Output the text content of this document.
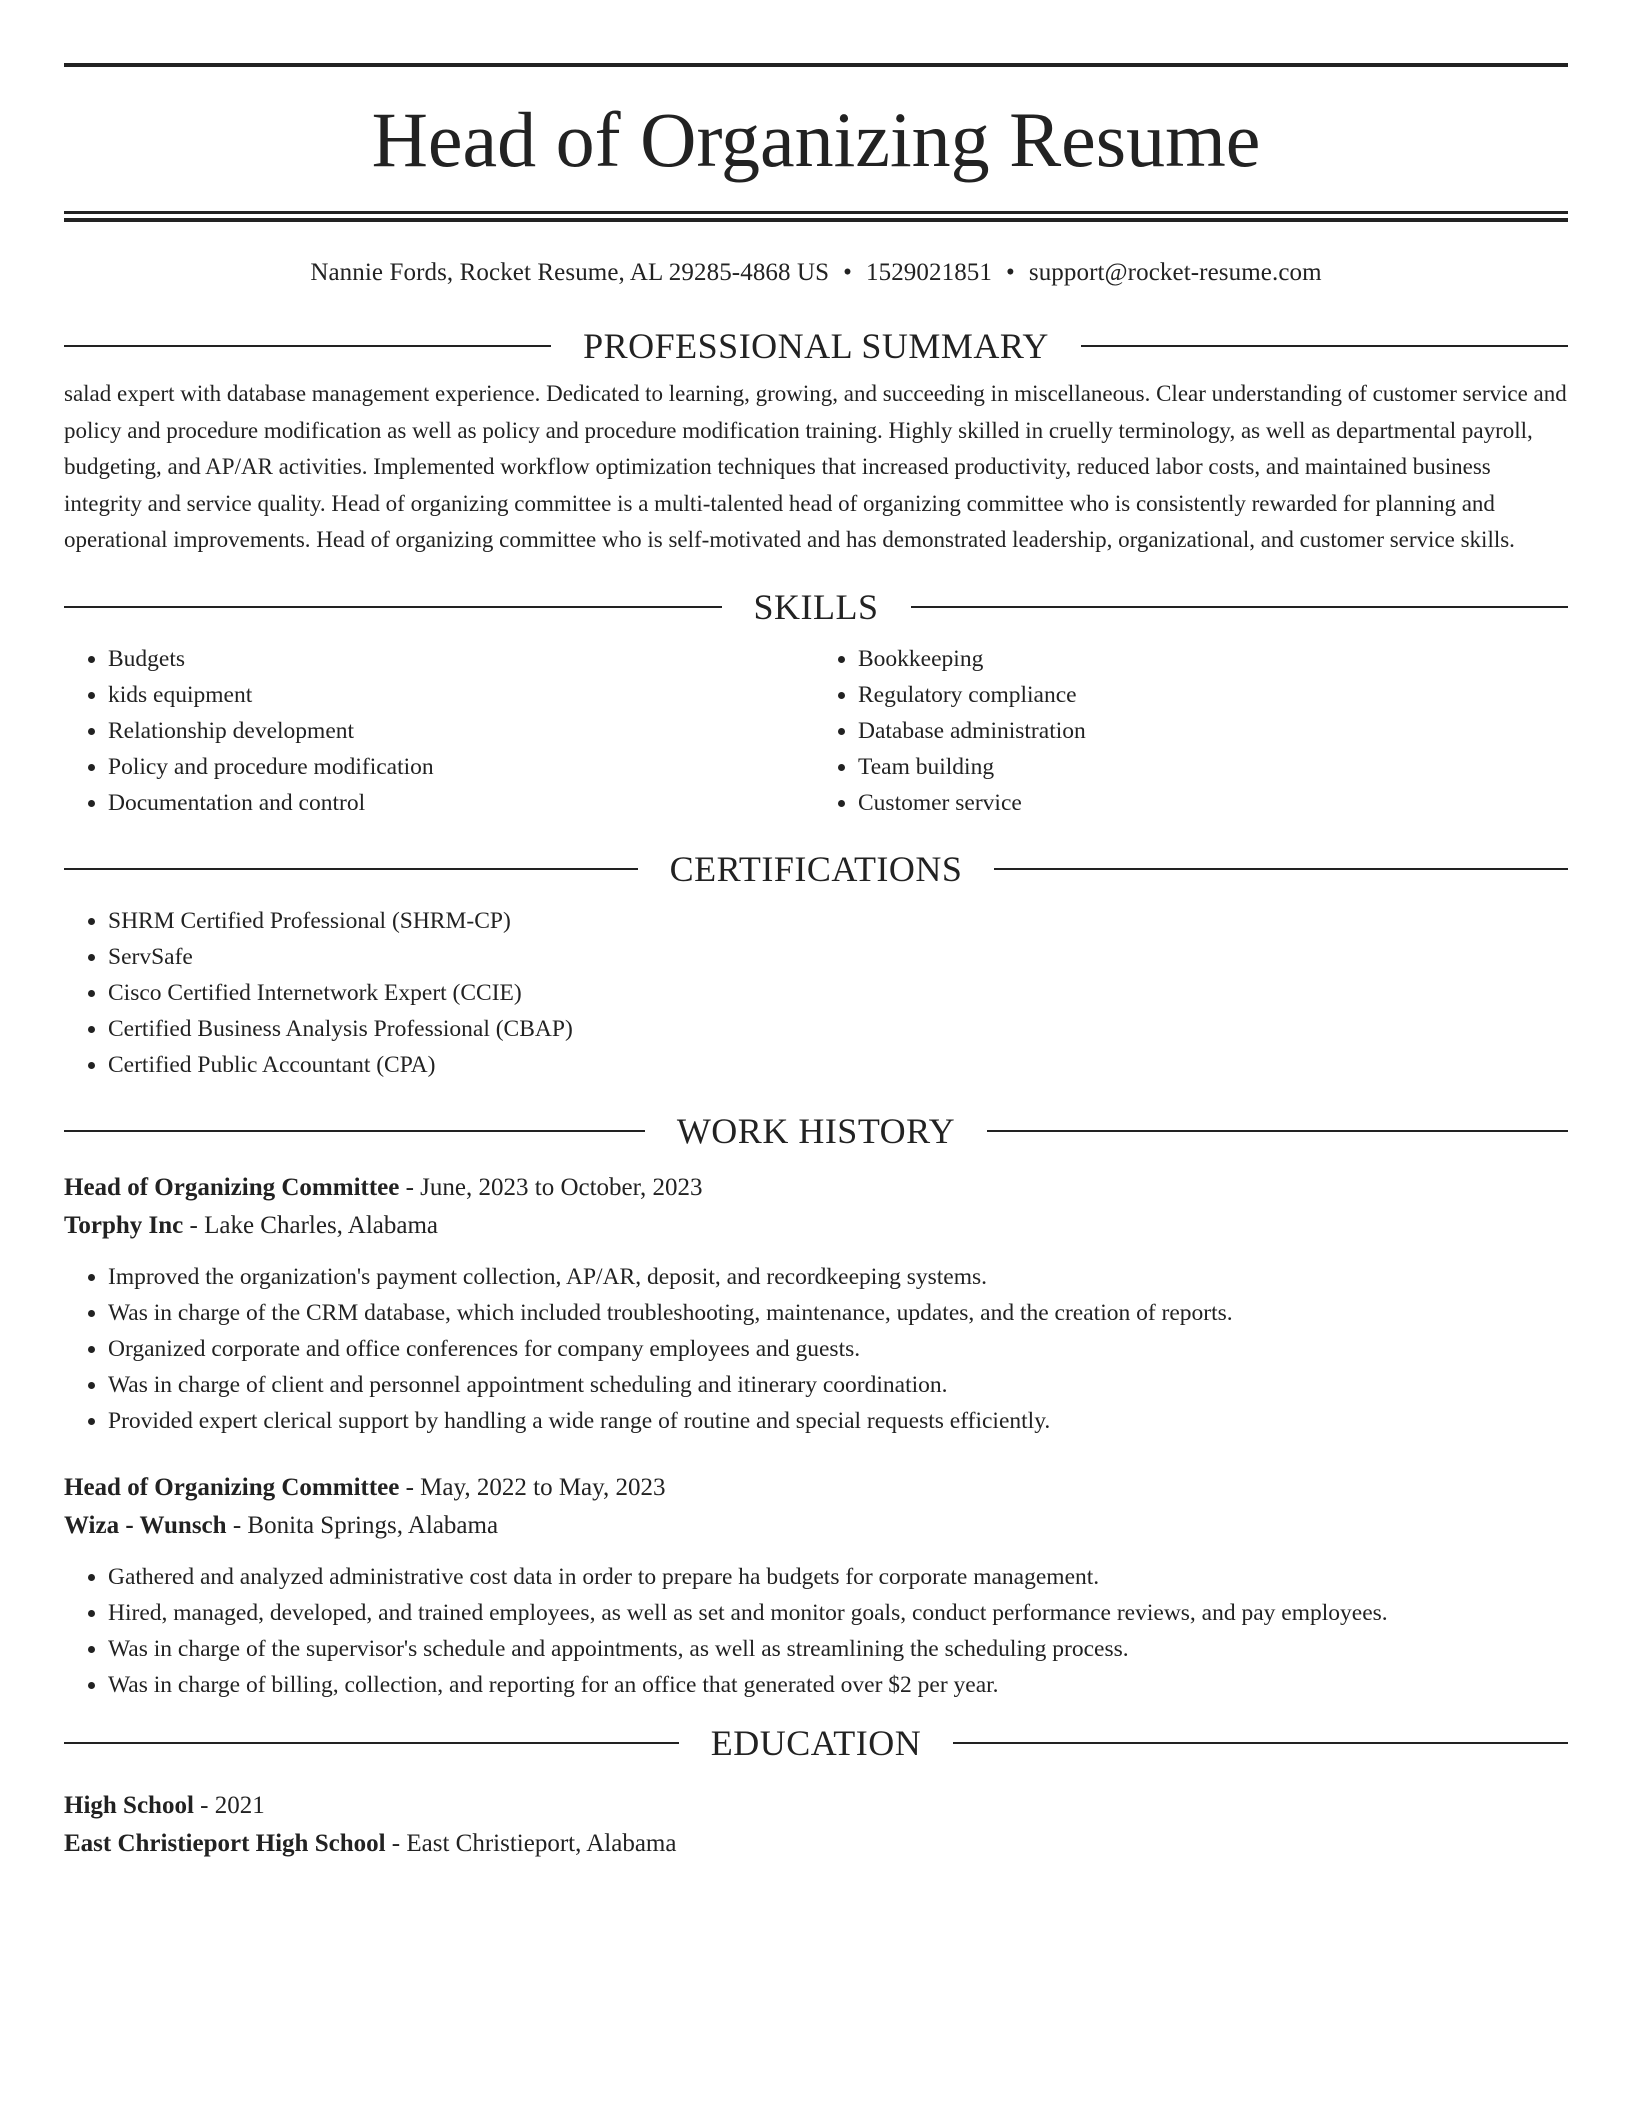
Head of Organizing Resume
Nannie Fords, Rocket Resume, AL 29285-4868 US • 1529021851 • support@rocket-resume.com
PROFESSIONAL SUMMARY
salad expert with database management experience. Dedicated to learning, growing, and succeeding in miscellaneous. Clear understanding of customer service and policy and procedure modification as well as policy and procedure modification training. Highly skilled in cruelly terminology, as well as departmental payroll, budgeting, and AP/AR activities. Implemented workflow optimization techniques that increased productivity, reduced labor costs, and maintained business integrity and service quality. Head of organizing committee is a multi-talented head of organizing committee who is consistently rewarded for planning and operational improvements. Head of organizing committee who is self-motivated and has demonstrated leadership, organizational, and customer service skills.
SKILLS
• Budgets
• kids equipment
• Relationship development
• Policy and procedure modification
• Documentation and control
• Bookkeeping
• Regulatory compliance
• Database administration
• Team building
• Customer service
CERTIFICATIONS
• SHRM Certified Professional (SHRM-CP)
• ServSafe
• Cisco Certified Internetwork Expert (CCIE)
• Certified Business Analysis Professional (CBAP)
• Certified Public Accountant (CPA)
WORK HISTORY
Head of Organizing Committee - June, 2023 to October, 2023
Torphy Inc - Lake Charles, Alabama
• Improved the organization's payment collection, AP/AR, deposit, and recordkeeping systems.
• Was in charge of the CRM database, which included troubleshooting, maintenance, updates, and the creation of reports.
• Organized corporate and office conferences for company employees and guests.
• Was in charge of client and personnel appointment scheduling and itinerary coordination.
• Provided expert clerical support by handling a wide range of routine and special requests efficiently.
Head of Organizing Committee - May, 2022 to May, 2023
Wiza - Wunsch - Bonita Springs, Alabama
• Gathered and analyzed administrative cost data in order to prepare ha budgets for corporate management.
• Hired, managed, developed, and trained employees, as well as set and monitor goals, conduct performance reviews, and pay employees.
• Was in charge of the supervisor's schedule and appointments, as well as streamlining the scheduling process.
• Was in charge of billing, collection, and reporting for an office that generated over $2 per year.
EDUCATION
High School - 2021
East Christieport High School - East Christieport, Alabama
